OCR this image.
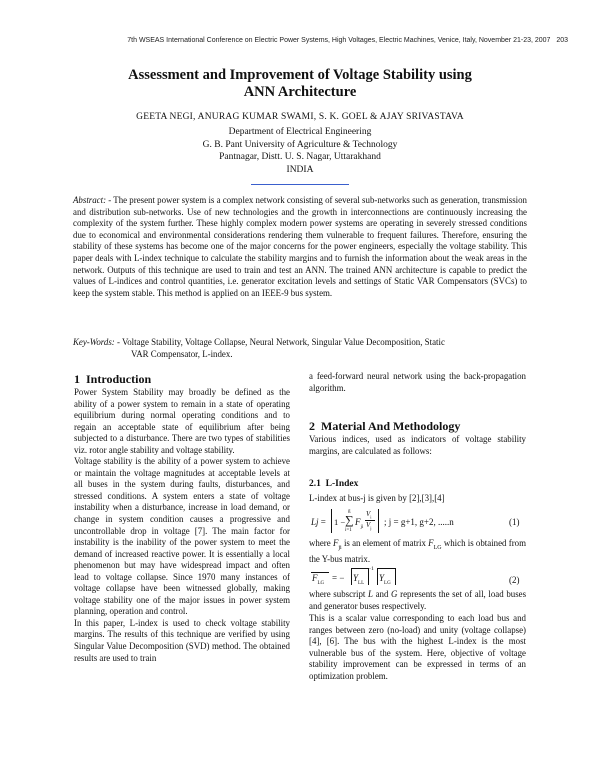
7th WSEAS International Conference on Electric Power Systems, High Voltages, Electric Machines, Venice, Italy, November 21-23, 2007 203
Assessment and Improvement of Voltage Stability using
ANN Architecture
GEETA NEGI, ANURAG KUMAR SWAMI, S. K. GOEL & AJAY SRIVASTAVA
Department of Electrical Engineering
G. B. Pant University of Agriculture & Technology
Pantnagar, Distt. U. S. Nagar, Uttarakhand
INDIA
Abstract: - The present power system is a complex network consisting of several sub-networks such as generation, transmission and distribution sub-networks. Use of new technologies and the growth in interconnections are continuously increasing the complexity of the system further. These highly complex modern power systems are operating in severely stressed conditions due to economical and environmental considerations rendering them vulnerable to frequent failures. Therefore, ensuring the stability of these systems has become one of the major concerns for the power engineers, especially the voltage stability. This paper deals with L-index technique to calculate the stability margins and to furnish the information about the weak areas in the network. Outputs of this technique are used to train and test an ANN. The trained ANN architecture is capable to predict the values of L-indices and control quantities, i.e. generator excitation levels and settings of Static VAR Compensators (SVCs) to keep the system stable. This method is applied on an IEEE-9 bus system.
Key-Words: - Voltage Stability, Voltage Collapse, Neural Network, Singular Value Decomposition, Static
VAR Compensator, L-index.
1 Introduction
Power System Stability may broadly be defined as the ability of a power system to remain in a state of operating equilibrium during normal operating conditions and to regain an acceptable state of equilibrium after being subjected to a disturbance. There are two types of stabilities viz. rotor angle stability and voltage stability.
Voltage stability is the ability of a power system to achieve or maintain the voltage magnitudes at acceptable levels at all buses in the system during faults, disturbances, and stressed conditions. A system enters a state of voltage instability when a disturbance, increase in load demand, or change in system condition causes a progressive and uncontrollable drop in voltage [7]. The main factor for instability is the inability of the power system to meet the demand of increased reactive power. It is essentially a local phenomenon but may have widespread impact and often lead to voltage collapse. Since 1970 many instances of voltage collapse have been witnessed globally, making voltage stability one of the major issues in power system planning, operation and control.
In this paper, L-index is used to check voltage stability margins. The results of this technique are verified by using Singular Value Decomposition (SVD) method. The obtained results are used to train
a feed-forward neural network using the back-propagation algorithm.
2 Material And Methodology
Various indices, used as indicators of voltage stability margins, are calculated as follows:
2.1 L-Index
L-index at bus-j is given by [2],[3],[4]
Lj = 1 −
g
∑
i=1
$F_{ji}$
$V_i$
$V_j$
; j = g+1, g+2, .....n	(1)
where $F_{ji}$ is an element of matrix $F_{LG}$ which is obtained from the Y-bus matrix.
$F_{LG}$
= − $Y_{LL}$
−1
$Y_{LG}$	(2)
where subscript L and G represents the set of all, load buses and generator buses respectively.
This is a scalar value corresponding to each load bus and ranges between zero (no-load) and unity (voltage collapse) [4], [6]. The bus with the highest L-index is the most vulnerable bus of the system. Here, objective of voltage stability improvement can be expressed in terms of an optimization problem.
